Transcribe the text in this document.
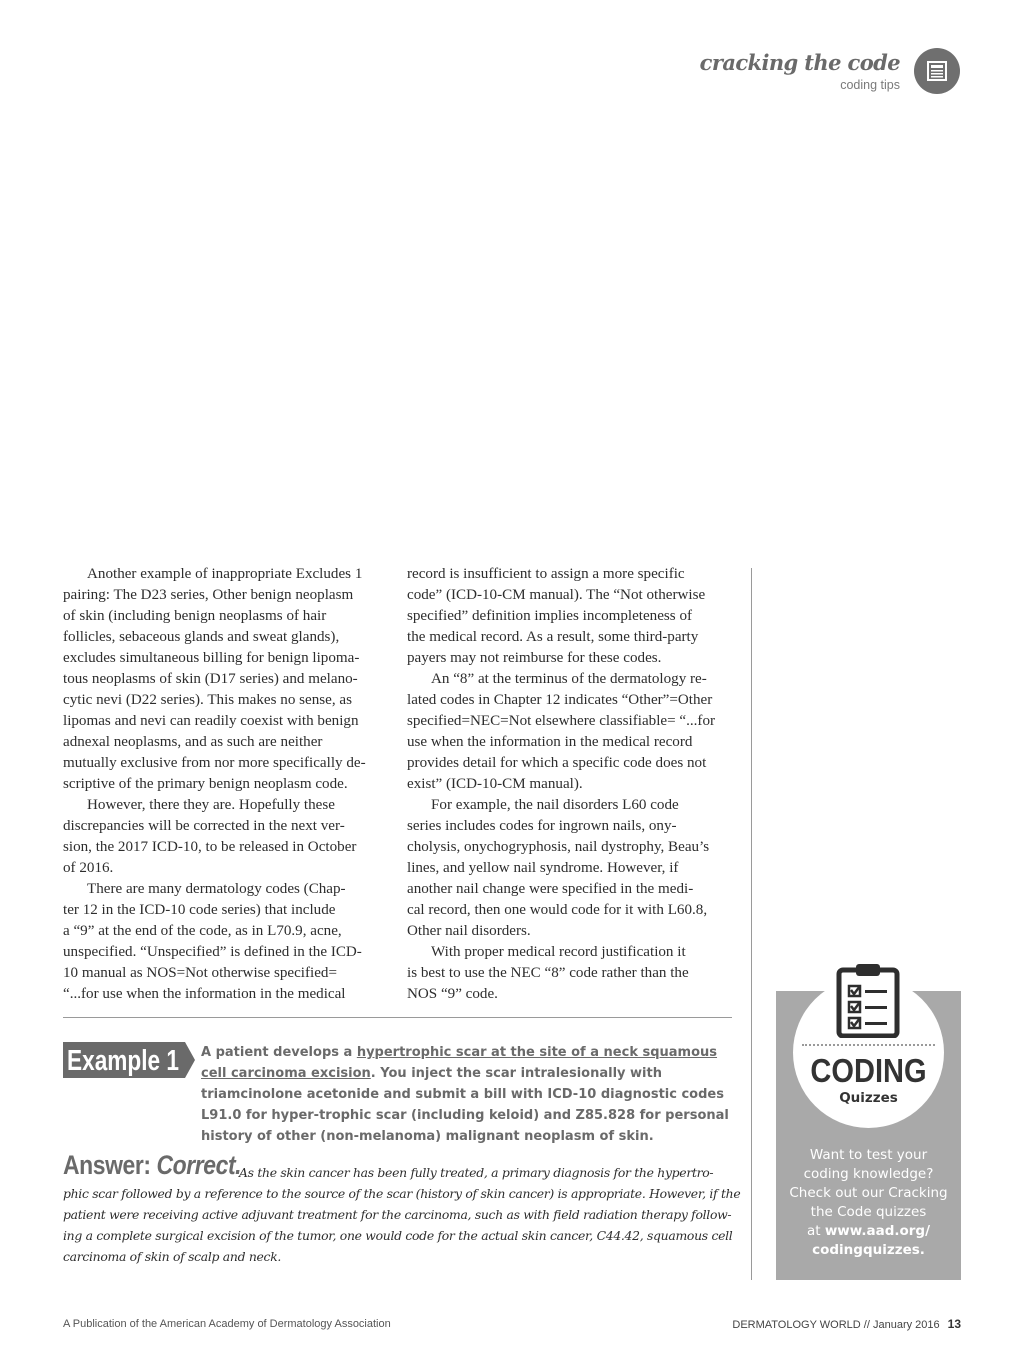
cracking the code
coding tips
Another example of inappropriate Excludes 1
pairing: The D23 series, Other benign neoplasm
of skin (including benign neoplasms of hair
follicles, sebaceous glands and sweat glands),
excludes simultaneous billing for benign lipoma-
tous neoplasms of skin (D17 series) and melano-
cytic nevi (D22 series). This makes no sense, as
lipomas and nevi can readily coexist with benign
adnexal neoplasms, and as such are neither
mutually exclusive from nor more specifically de-
scriptive of the primary benign neoplasm code.
However, there they are. Hopefully these
discrepancies will be corrected in the next ver-
sion, the 2017 ICD-10, to be released in October
of 2016.
There are many dermatology codes (Chap-
ter 12 in the ICD-10 code series) that include
a “9” at the end of the code, as in L70.9, acne,
unspecified. “Unspecified” is defined in the ICD-
10 manual as NOS=Not otherwise specified=
“...for use when the information in the medical
record is insufficient to assign a more specific
code” (ICD-10-CM manual). The “Not otherwise
specified” definition implies incompleteness of
the medical record. As a result, some third-party
payers may not reimburse for these codes.
An “8” at the terminus of the dermatology re-
lated codes in Chapter 12 indicates “Other”=Other
specified=NEC=Not elsewhere classifiable= “...for
use when the information in the medical record
provides detail for which a specific code does not
exist” (ICD-10-CM manual).
For example, the nail disorders L60 code
series includes codes for ingrown nails, ony-
cholysis, onychogryphosis, nail dystrophy, Beau’s
lines, and yellow nail syndrome. However, if
another nail change were specified in the medi-
cal record, then one would code for it with L60.8,
Other nail disorders.
With proper medical record justification it
is best to use the NEC “8” code rather than the
NOS “9” code.
Example 1 A patient develops a hypertrophic scar at the site of a neck squamous cell carcinoma excision. You inject the scar intralesionally with triamcinolone acetonide and submit a bill with ICD-10 diagnostic codes L91.0 for hyper-trophic scar (including keloid) and Z85.828 for personal history of other (non-melanoma) malignant neoplasm of skin.
Answer: Correct.
As the skin cancer has been fully treated, a primary diagnosis for the hypertro-
phic scar followed by a reference to the source of the scar (history of skin cancer) is appropriate. However, if the
patient were receiving active adjuvant treatment for the carcinoma, such as with field radiation therapy follow-
ing a complete surgical excision of the tumor, one would code for the actual skin cancer, C44.42, squamous cell
carcinoma of skin of scalp and neck.
CODING
Quizzes
Want to test your
coding knowledge?
Check out our Cracking
the Code quizzes
at www.aad.org/
codingquizzes.
A Publication of the American Academy of Dermatology Association	DERMATOLOGY WORLD // January 2016 13
